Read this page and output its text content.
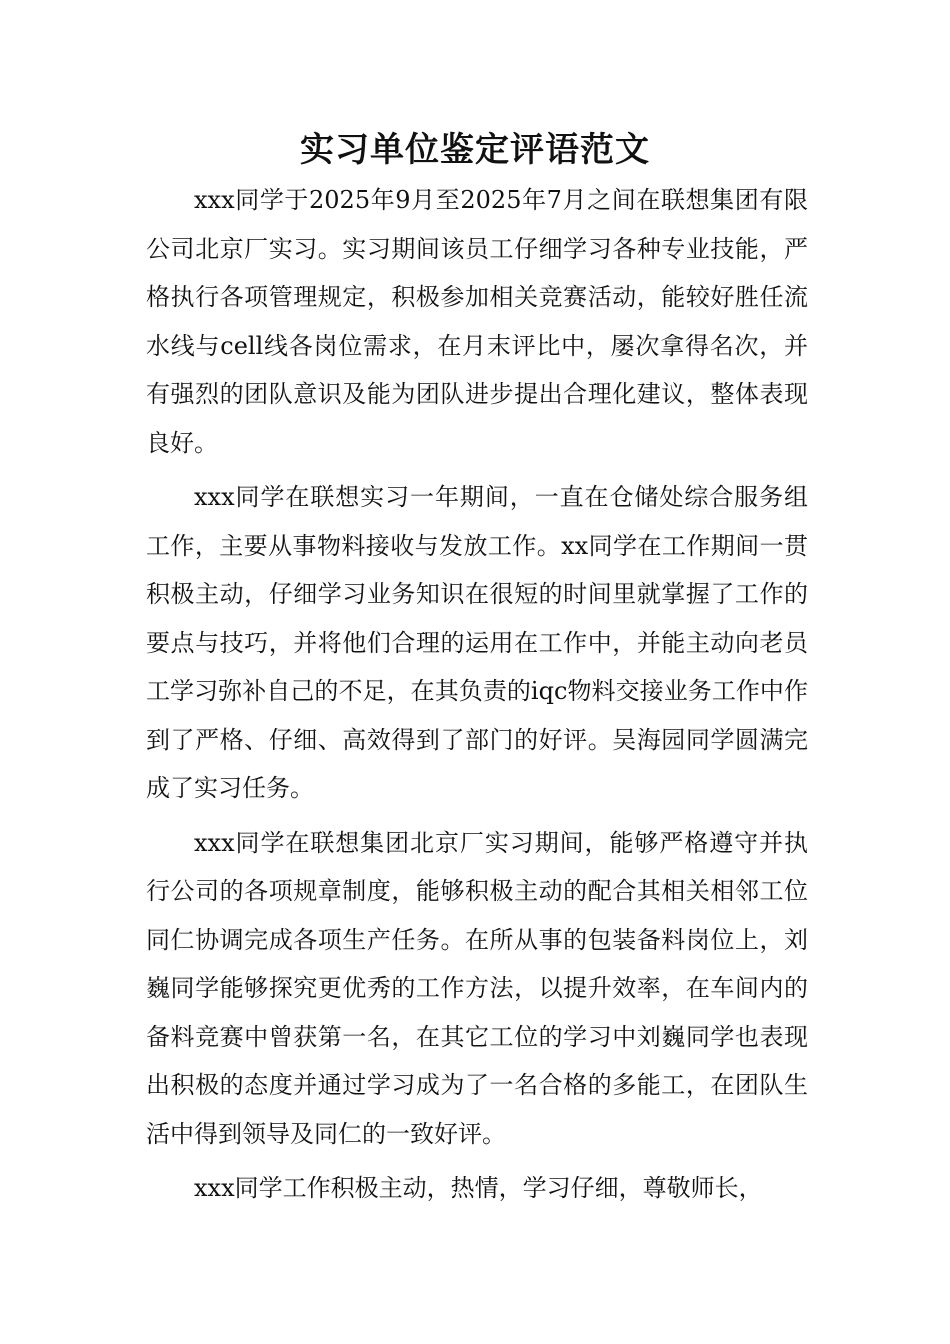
实习单位鉴定评语范文

xxx同学于2025年9月至2025年7月之间在联想集团有限公司北京厂实习。实习期间该员工仔细学习各种专业技能，严格执行各项管理规定，积极参加相关竞赛活动，能较好胜任流水线与cell线各岗位需求，在月末评比中，屡次拿得名次，并有强烈的团队意识及能为团队进步提出合理化建议，整体表现良好。

xxx同学在联想实习一年期间，一直在仓储处综合服务组工作，主要从事物料接收与发放工作。xx同学在工作期间一贯积极主动，仔细学习业务知识在很短的时间里就掌握了工作的要点与技巧，并将他们合理的运用在工作中，并能主动向老员工学习弥补自己的不足，在其负责的iqc物料交接业务工作中作到了严格、仔细、高效得到了部门的好评。吴海园同学圆满完成了实习任务。

xxx同学在联想集团北京厂实习期间，能够严格遵守并执行公司的各项规章制度，能够积极主动的配合其相关相邻工位同仁协调完成各项生产任务。在所从事的包装备料岗位上，刘巍同学能够探究更优秀的工作方法，以提升效率，在车间内的备料竞赛中曾获第一名，在其它工位的学习中刘巍同学也表现出积极的态度并通过学习成为了一名合格的多能工，在团队生活中得到领导及同仁的一致好评。

xxx同学工作积极主动，热情，学习仔细，尊敬师长，
